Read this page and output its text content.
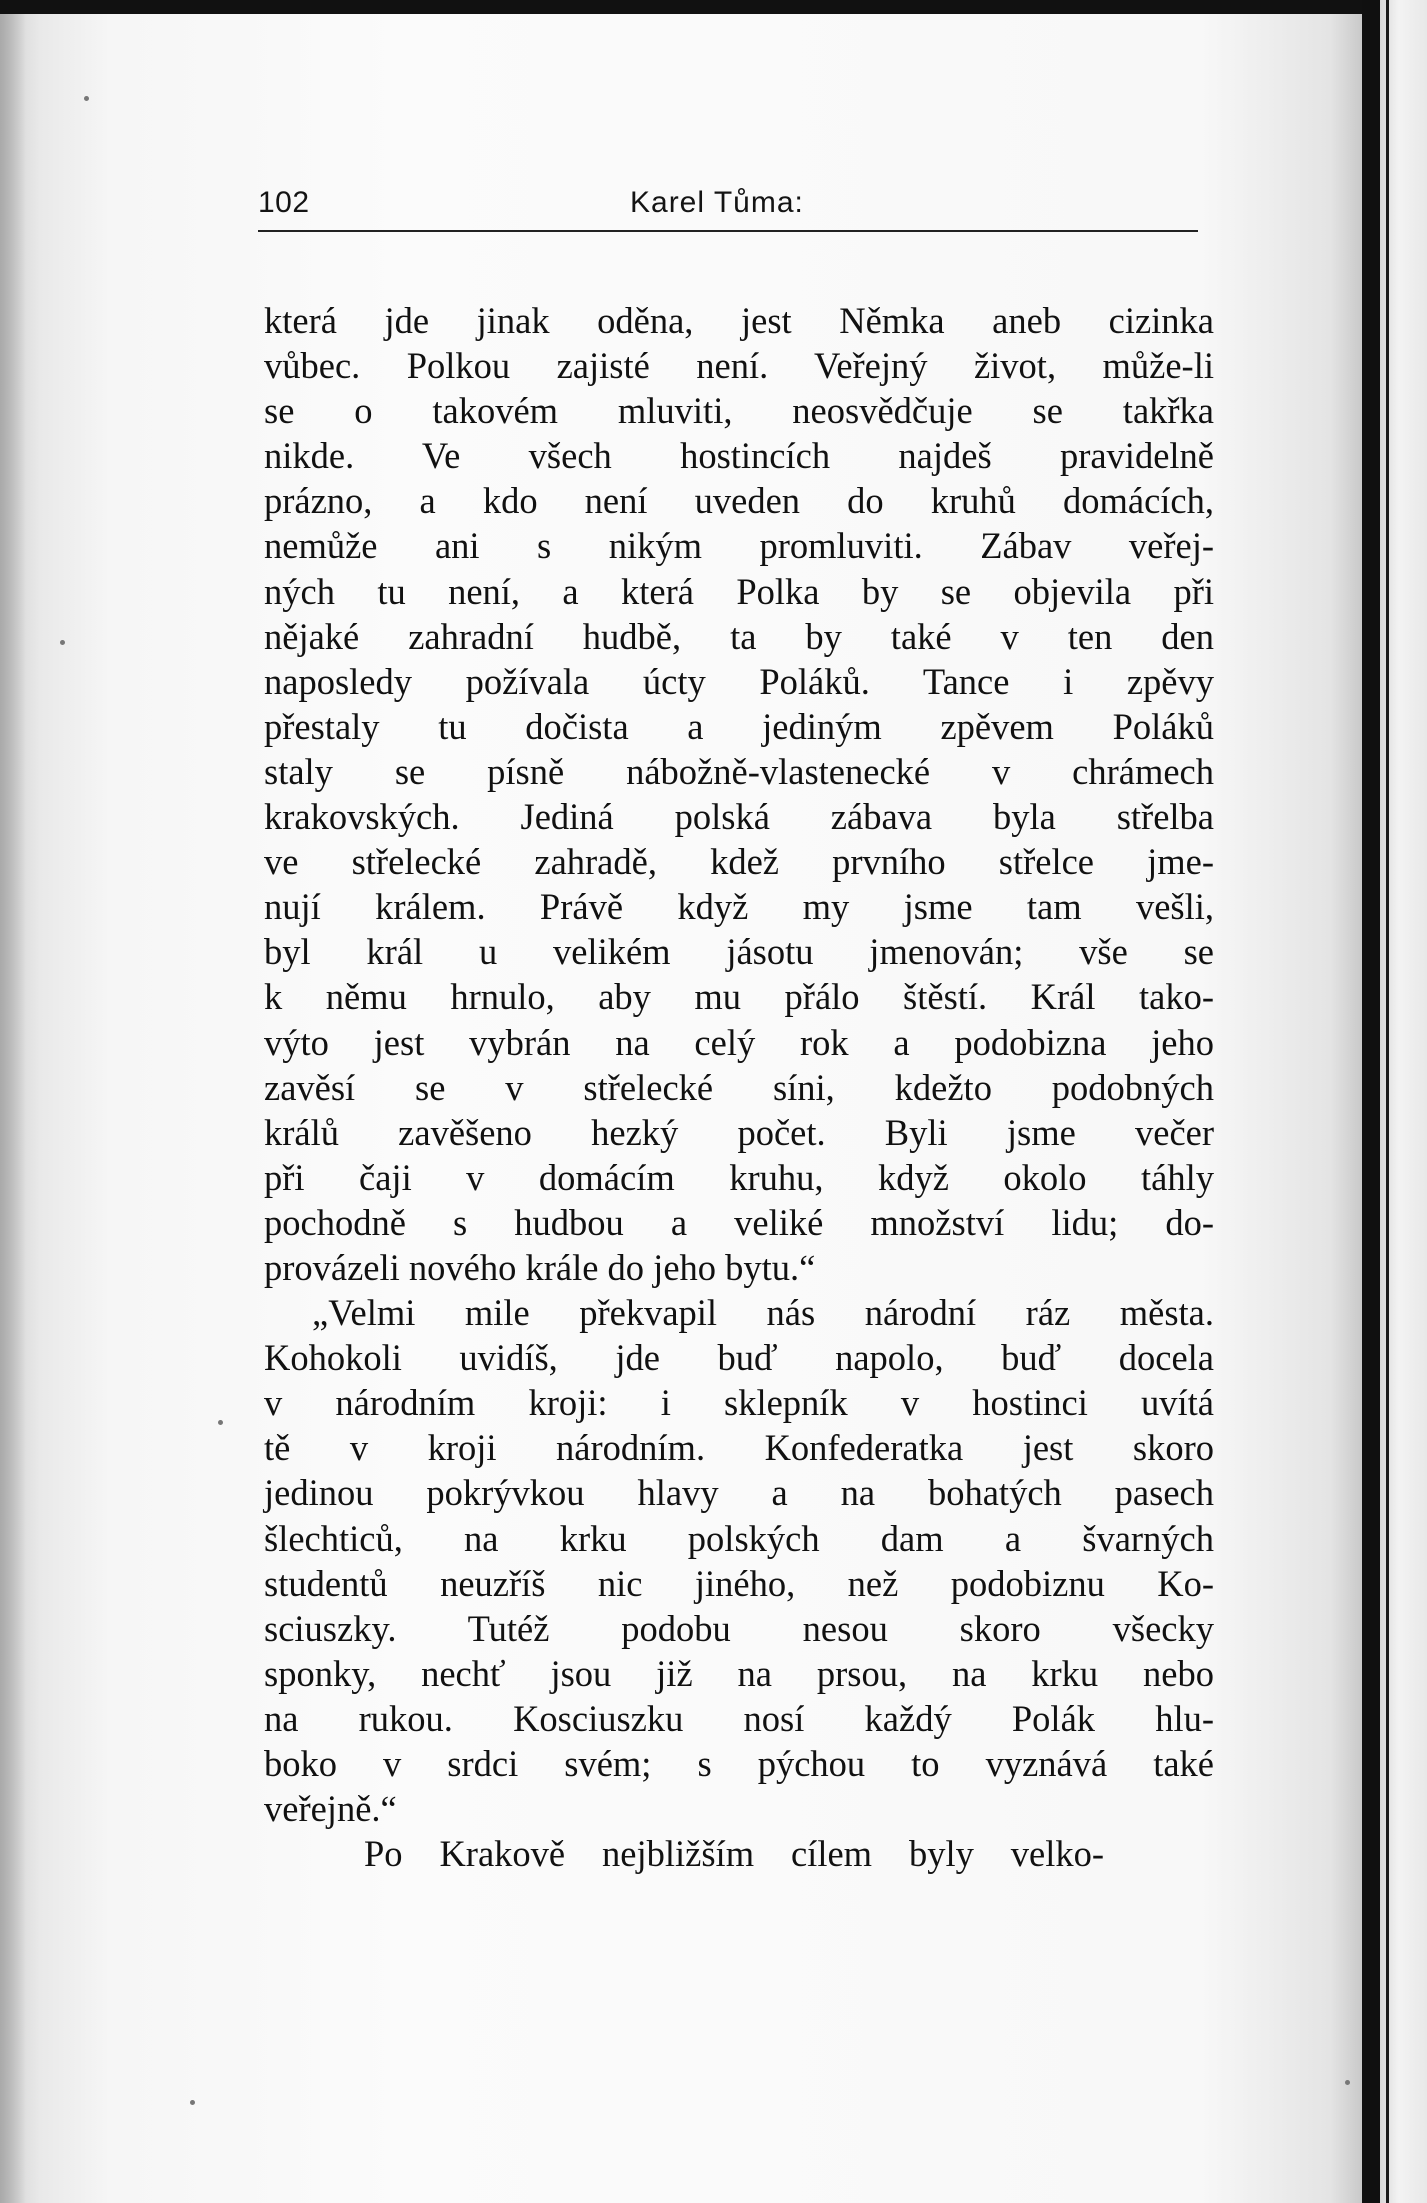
102	Karel Tůma:
která jde jinak oděna, jest Němka aneb cizinka
vůbec. Polkou zajisté není. Veřejný život, může-li
se o takovém mluviti, neosvědčuje se takřka
nikde. Ve všech hostincích najdeš pravidelně
prázno, a kdo není uveden do kruhů domácích,
nemůže ani s nikým promluviti. Zábav veřej-
ných tu není, a která Polka by se objevila při
nějaké zahradní hudbě, ta by také v ten den
naposledy požívala úcty Poláků. Tance i zpěvy
přestaly tu dočista a jediným zpěvem Poláků
staly se písně nábožně-vlastenecké v chrámech
krakovských. Jediná polská zábava byla střelba
ve střelecké zahradě, kdež prvního střelce jme-
nují králem. Právě když my jsme tam vešli,
byl král u velikém jásotu jmenován; vše se
k němu hrnulo, aby mu přálo štěstí. Král tako-
výto jest vybrán na celý rok a podobizna jeho
zavěsí se v střelecké síni, kdežto podobných
králů zavěšeno hezký počet. Byli jsme večer
při čaji v domácím kruhu, když okolo táhly
pochodně s hudbou a veliké množství lidu; do-
provázeli nového krále do jeho bytu.“
„Velmi mile překvapil nás národní ráz města.
Kohokoli uvidíš, jde buď napolo, buď docela
v národním kroji: i sklepník v hostinci uvítá
tě v kroji národním. Konfederatka jest skoro
jedinou pokrývkou hlavy a na bohatých pasech
šlechticů, na krku polských dam a švarných
studentů neuzříš nic jiného, než podobiznu Ko-
sciuszky. Tutéž podobu nesou skoro všecky
sponky, nechť jsou již na prsou, na krku nebo
na rukou. Kosciuszku nosí každý Polák hlu-
boko v srdci svém; s pýchou to vyznává také
veřejně.“
Po Krakově nejbližším cílem byly velko-
